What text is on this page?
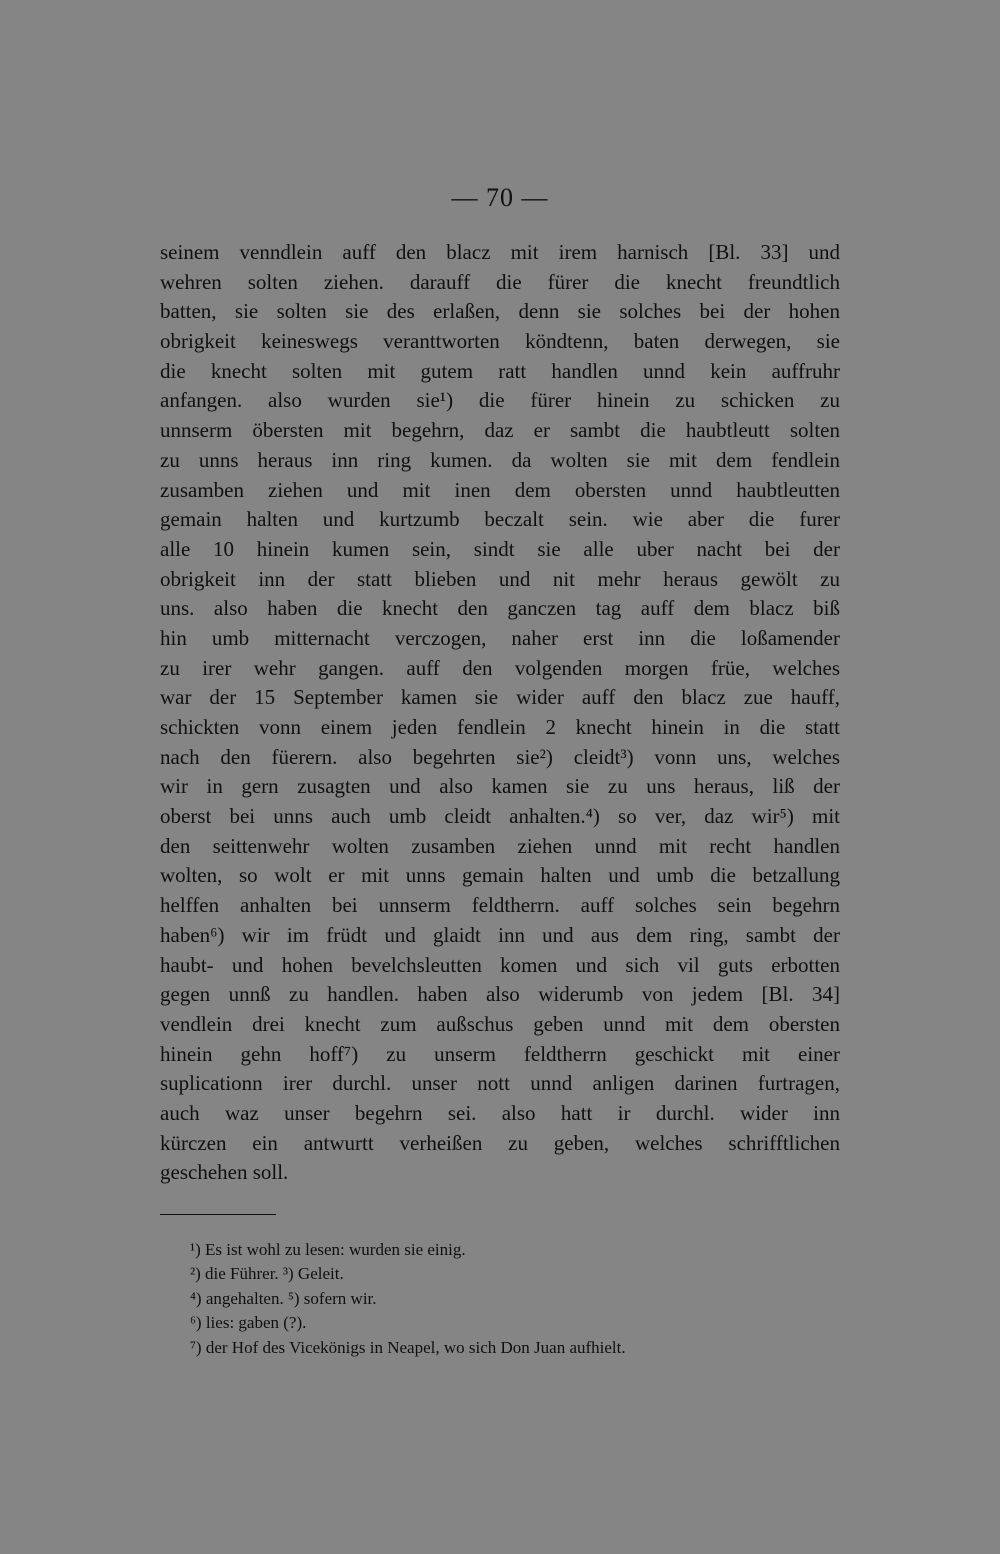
— 70 —
seinem venndlein auff den blacz mit irem harnisch [Bl. 33] und
wehren solten ziehen. darauff die fürer die knecht freundtlich
batten, sie solten sie des erlaßen, denn sie solches bei der hohen
obrigkeit keineswegs veranttworten köndtenn, baten derwegen, sie
die knecht solten mit gutem ratt handlen unnd kein auffruhr
anfangen. also wurden sie¹) die fürer hinein zu schicken zu
unnserm öbersten mit begehrn, daz er sambt die haubtleutt solten
zu unns heraus inn ring kumen. da wolten sie mit dem fendlein
zusamben ziehen und mit inen dem obersten unnd haubtleutten
gemain halten und kurtzumb beczalt sein. wie aber die furer
alle 10 hinein kumen sein, sindt sie alle uber nacht bei der
obrigkeit inn der statt blieben und nit mehr heraus gewölt zu
uns. also haben die knecht den ganczen tag auff dem blacz biß
hin umb mitternacht verczogen, naher erst inn die loßamender
zu irer wehr gangen. auff den volgenden morgen früe, welches
war der 15 September kamen sie wider auff den blacz zue hauff,
schickten vonn einem jeden fendlein 2 knecht hinein in die statt
nach den füerern. also begehrten sie²) cleidt³) vonn uns, welches
wir in gern zusagten und also kamen sie zu uns heraus, liß der
oberst bei unns auch umb cleidt anhalten.⁴) so ver, daz wir⁵) mit
den seittenwehr wolten zusamben ziehen unnd mit recht handlen
wolten, so wolt er mit unns gemain halten und umb die betzallung
helffen anhalten bei unnserm feldtherrn. auff solches sein begehrn
haben⁶) wir im früdt und glaidt inn und aus dem ring, sambt der
haubt- und hohen bevelchsleutten komen und sich vil guts erbotten
gegen unnß zu handlen. haben also widerumb von jedem [Bl. 34]
vendlein drei knecht zum außschus geben unnd mit dem obersten
hinein gehn hoff⁷) zu unserm feldtherrn geschickt mit einer
suplicationn irer durchl. unser nott unnd anligen darinen furtragen,
auch waz unser begehrn sei. also hatt ir durchl. wider inn
kürczen ein antwurtt verheißen zu geben, welches schrifftlichen
geschehen soll.
¹) Es ist wohl zu lesen: wurden sie einig.
²) die Führer. ³) Geleit.
⁴) angehalten. ⁵) sofern wir.
⁶) lies: gaben (?).
⁷) der Hof des Vicekönigs in Neapel, wo sich Don Juan aufhielt.
